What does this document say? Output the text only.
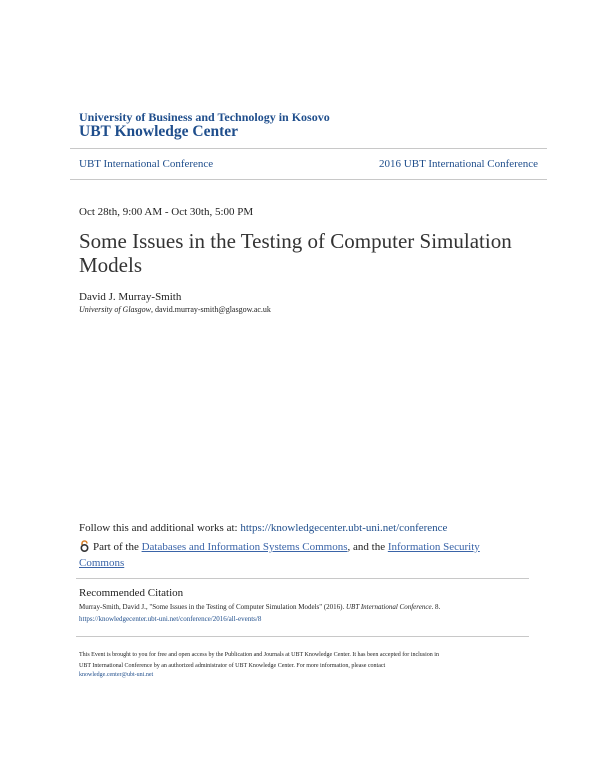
University of Business and Technology in Kosovo
UBT Knowledge Center
UBT International Conference	2016 UBT International Conference
Oct 28th, 9:00 AM - Oct 30th, 5:00 PM
Some Issues in the Testing of Computer Simulation Models
David J. Murray-Smith
University of Glasgow, david.murray-smith@glasgow.ac.uk
Follow this and additional works at: https://knowledgecenter.ubt-uni.net/conference
Part of the Databases and Information Systems Commons, and the Information Security Commons
Recommended Citation
Murray-Smith, David J., "Some Issues in the Testing of Computer Simulation Models" (2016). UBT International Conference. 8.
https://knowledgecenter.ubt-uni.net/conference/2016/all-events/8
This Event is brought to you for free and open access by the Publication and Journals at UBT Knowledge Center. It has been accepted for inclusion in
UBT International Conference by an authorized administrator of UBT Knowledge Center. For more information, please contact
knowledge.center@ubt-uni.net
